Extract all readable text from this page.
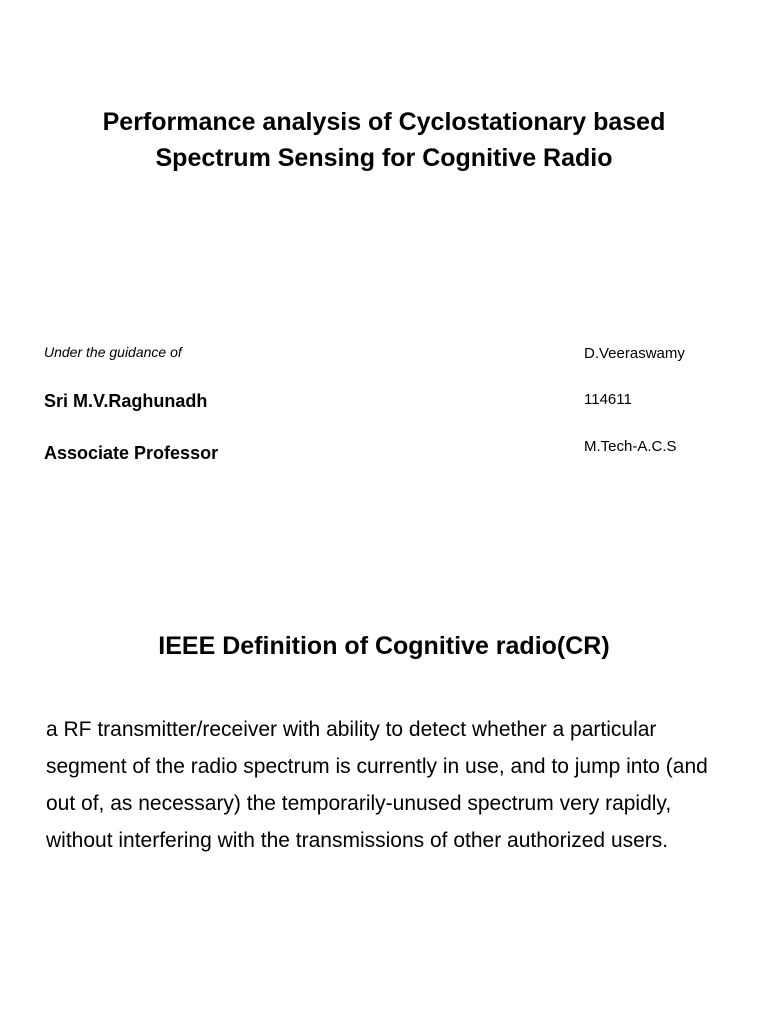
Performance analysis of Cyclostationary based
Spectrum Sensing for Cognitive Radio
Under the guidance of
Sri M.V.Raghunadh
Associate Professor
D.Veeraswamy
114611
M.Tech-A.C.S
IEEE Definition of Cognitive radio(CR)
a RF transmitter/receiver with ability to detect whether a particular segment of the radio spectrum is currently in use, and to jump into (and out of, as necessary) the temporarily-unused spectrum very rapidly, without interfering with the transmissions of other authorized users.
